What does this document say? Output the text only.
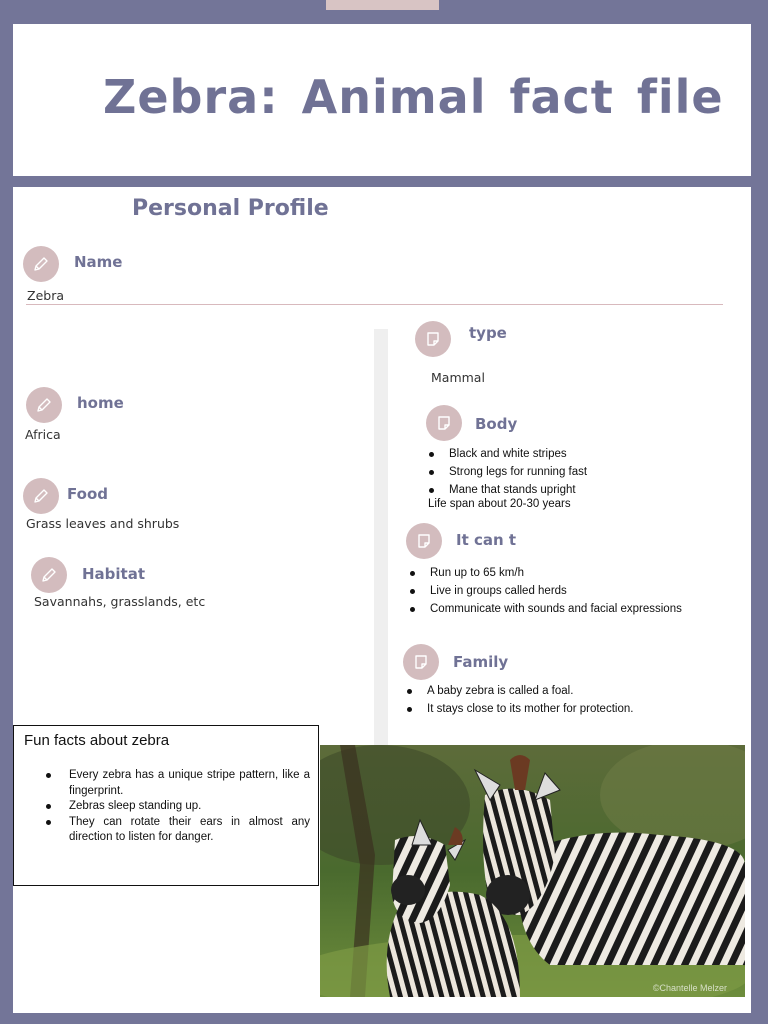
Zebra: Animal fact file
Personal Profile
Name
Zebra
home
Africa
Food
Grass leaves and shrubs
Habitat
Savannahs, grasslands, etc
type
Mammal
Body
Black and white stripes
Strong legs for running fast
Mane that stands upright
Life span about 20-30 years
It can t
Run up to 65 km/h
Live in groups called herds
Communicate with sounds and facial expressions
Family
A baby zebra is called a foal.
It stays close to its mother for protection.
Fun facts about zebra
Every zebra has a unique stripe pattern, like a fingerprint.
Zebras sleep standing up.
They can rotate their ears in almost any direction to listen for danger.
©Chantelle Melzer
